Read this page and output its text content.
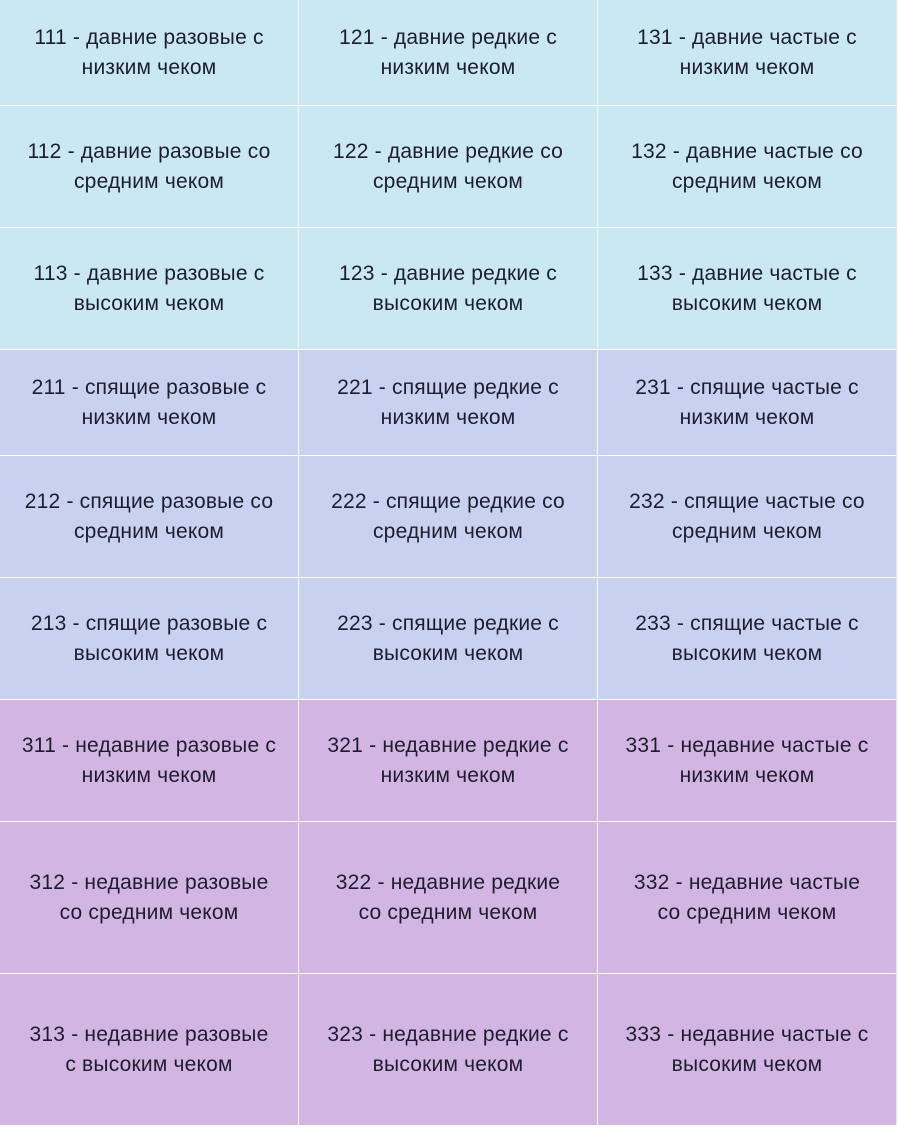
111 - давние разовые с
низким чеком
121 - давние редкие с
низким чеком
131 - давние частые с
низким чеком
112 - давние разовые со
средним чеком
122 - давние редкие со
средним чеком
132 - давние частые со
средним чеком
113 - давние разовые с
высоким чеком
123 - давние редкие с
высоким чеком
133 - давние частые с
высоким чеком
211 - спящие разовые с
низким чеком
221 - спящие редкие с
низким чеком
231 - спящие частые с
низким чеком
212 - спящие разовые со
средним чеком
222 - спящие редкие со
средним чеком
232 - спящие частые со
средним чеком
213 - спящие разовые с
высоким чеком
223 - спящие редкие с
высоким чеком
233 - спящие частые с
высоким чеком
311 - недавние разовые с
низким чеком
321 - недавние редкие с
низким чеком
331 - недавние частые с
низким чеком
312 - недавние разовые
со средним чеком
322 - недавние редкие
со средним чеком
332 - недавние частые
со средним чеком
313 - недавние разовые
с высоким чеком
323 - недавние редкие с
высоким чеком
333 - недавние частые с
высоким чеком
